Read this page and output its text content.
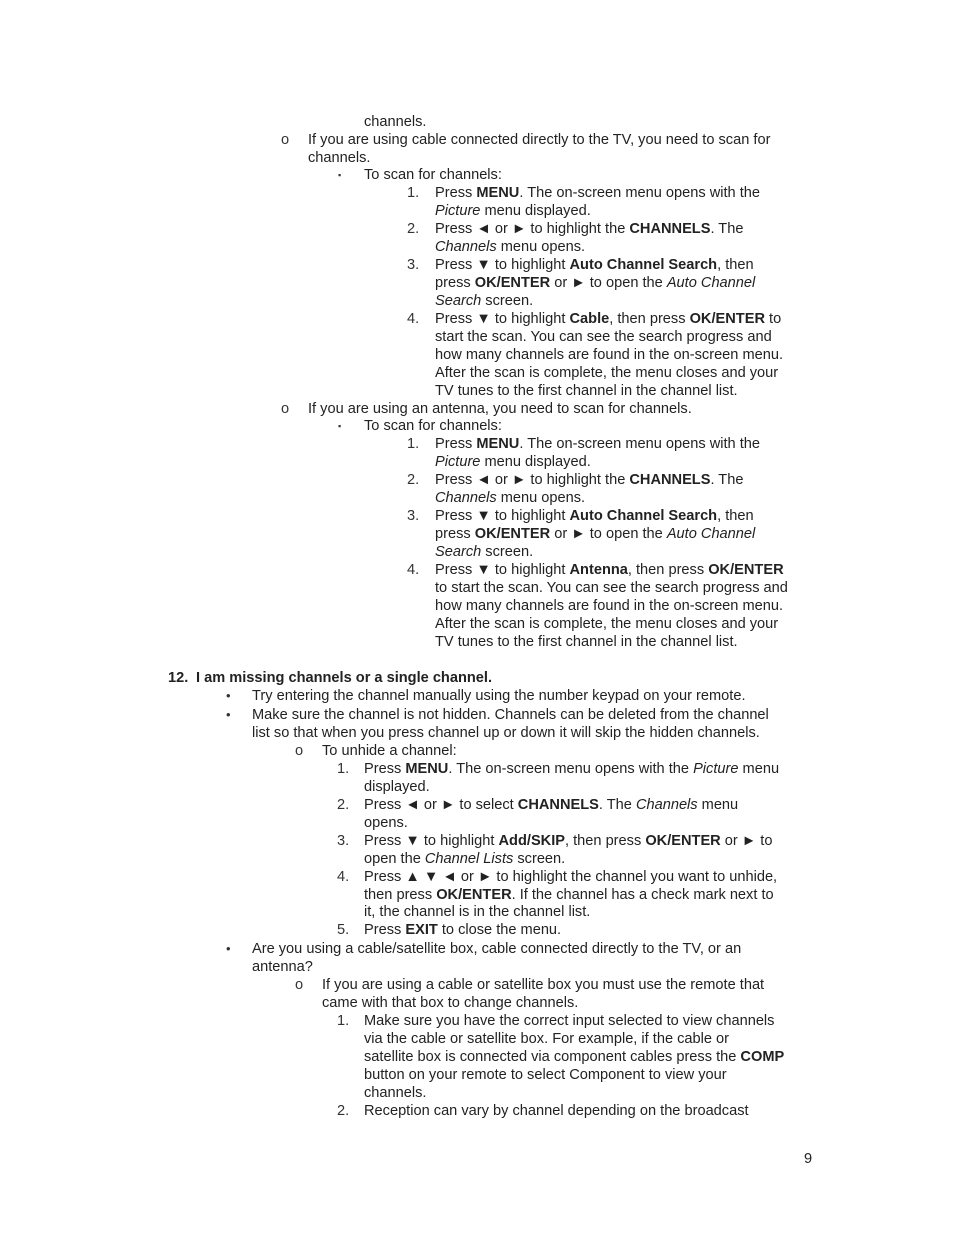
channels.
o If you are using cable connected directly to the TV, you need to scan for
channels.
▪ To scan for channels:
1. Press MENU. The on-screen menu opens with the
Picture menu displayed.
2. Press ◄ or ► to highlight the CHANNELS. The
Channels menu opens.
3. Press ▼ to highlight Auto Channel Search, then
press OK/ENTER or ► to open the Auto Channel
Search screen.
4. Press ▼ to highlight Cable, then press OK/ENTER to
start the scan. You can see the search progress and
how many channels are found in the on-screen menu.
After the scan is complete, the menu closes and your
TV tunes to the first channel in the channel list.
o If you are using an antenna, you need to scan for channels.
▪ To scan for channels:
1. Press MENU. The on-screen menu opens with the
Picture menu displayed.
2. Press ◄ or ► to highlight the CHANNELS. The
Channels menu opens.
3. Press ▼ to highlight Auto Channel Search, then
press OK/ENTER or ► to open the Auto Channel
Search screen.
4. Press ▼ to highlight Antenna, then press OK/ENTER
to start the scan. You can see the search progress and
how many channels are found in the on-screen menu.
After the scan is complete, the menu closes and your
TV tunes to the first channel in the channel list.
12. I am missing channels or a single channel.
• Try entering the channel manually using the number keypad on your remote.
• Make sure the channel is not hidden. Channels can be deleted from the channel
list so that when you press channel up or down it will skip the hidden channels.
o To unhide a channel:
1. Press MENU. The on-screen menu opens with the Picture menu
displayed.
2. Press ◄ or ► to select CHANNELS. The Channels menu
opens.
3. Press ▼ to highlight Add/SKIP, then press OK/ENTER or ► to
open the Channel Lists screen.
4. Press ▲ ▼ ◄ or ► to highlight the channel you want to unhide,
then press OK/ENTER. If the channel has a check mark next to
it, the channel is in the channel list.
5. Press EXIT to close the menu.
• Are you using a cable/satellite box, cable connected directly to the TV, or an
antenna?
o If you are using a cable or satellite box you must use the remote that
came with that box to change channels.
1. Make sure you have the correct input selected to view channels
via the cable or satellite box. For example, if the cable or
satellite box is connected via component cables press the COMP
button on your remote to select Component to view your
channels.
2. Reception can vary by channel depending on the broadcast
9
